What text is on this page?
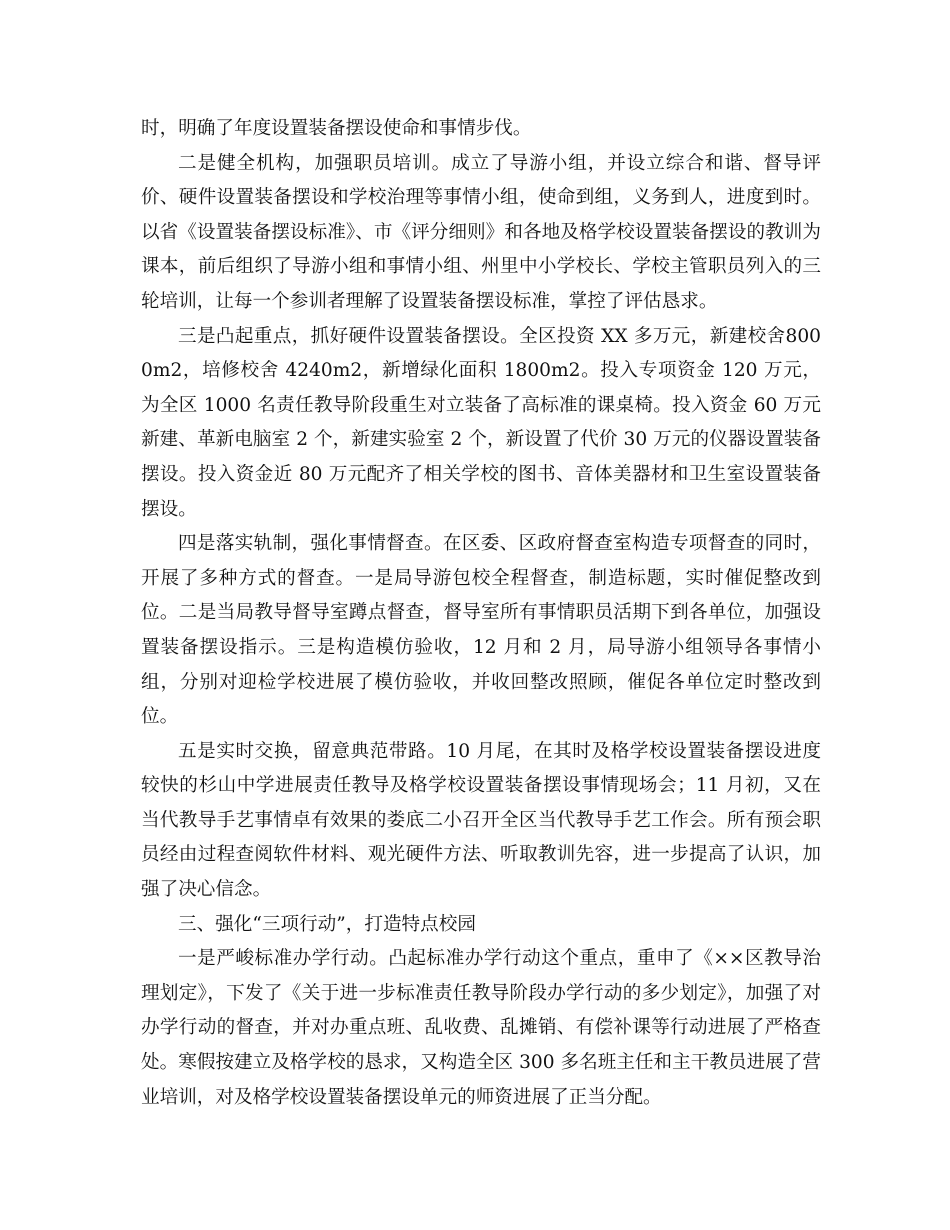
时，明确了年度设置装备摆设使命和事情步伐。

二是健全机构，加强职员培训。成立了导游小组，并设立综合和谐、督导评价、硬件设置装备摆设和学校治理等事情小组，使命到组，义务到人，进度到时。以省《设置装备摆设标准》、市《评分细则》和各地及格学校设置装备摆设的教训为课本，前后组织了导游小组和事情小组、州里中小学校长、学校主管职员列入的三轮培训，让每一个参训者理解了设置装备摆设标准，掌控了评估恳求。

三是凸起重点，抓好硬件设置装备摆设。全区投资 XX 多万元，新建校舍8000m2，培修校舍 4240m2，新增绿化面积 1800m2。投入专项资金 120 万元，为全区 1000 名责任教导阶段重生对立装备了高标准的课桌椅。投入资金 60 万元新建、革新电脑室 2 个，新建实验室 2 个，新设置了代价 30 万元的仪器设置装备摆设。投入资金近 80 万元配齐了相关学校的图书、音体美器材和卫生室设置装备摆设。

四是落实轨制，强化事情督查。在区委、区政府督查室构造专项督查的同时，开展了多种方式的督查。一是局导游包校全程督查，制造标题，实时催促整改到位。二是当局教导督导室蹲点督查，督导室所有事情职员活期下到各单位，加强设置装备摆设指示。三是构造模仿验收，12 月和 2 月，局导游小组领导各事情小组，分别对迎检学校进展了模仿验收，并收回整改照顾，催促各单位定时整改到位。

五是实时交换，留意典范带路。10 月尾，在其时及格学校设置装备摆设进度较快的杉山中学进展责任教导及格学校设置装备摆设事情现场会；11 月初，又在当代教导手艺事情卓有效果的娄底二小召开全区当代教导手艺工作会。所有预会职员经由过程查阅软件材料、观光硬件方法、听取教训先容，进一步提高了认识，加强了决心信念。

三、强化“三项行动”，打造特点校园

一是严峻标准办学行动。凸起标准办学行动这个重点，重申了《××区教导治理划定》，下发了《关于进一步标准责任教导阶段办学行动的多少划定》，加强了对办学行动的督查，并对办重点班、乱收费、乱摊销、有偿补课等行动进展了严格查处。寒假按建立及格学校的恳求，又构造全区 300 多名班主任和主干教员进展了营业培训，对及格学校设置装备摆设单元的师资进展了正当分配。
